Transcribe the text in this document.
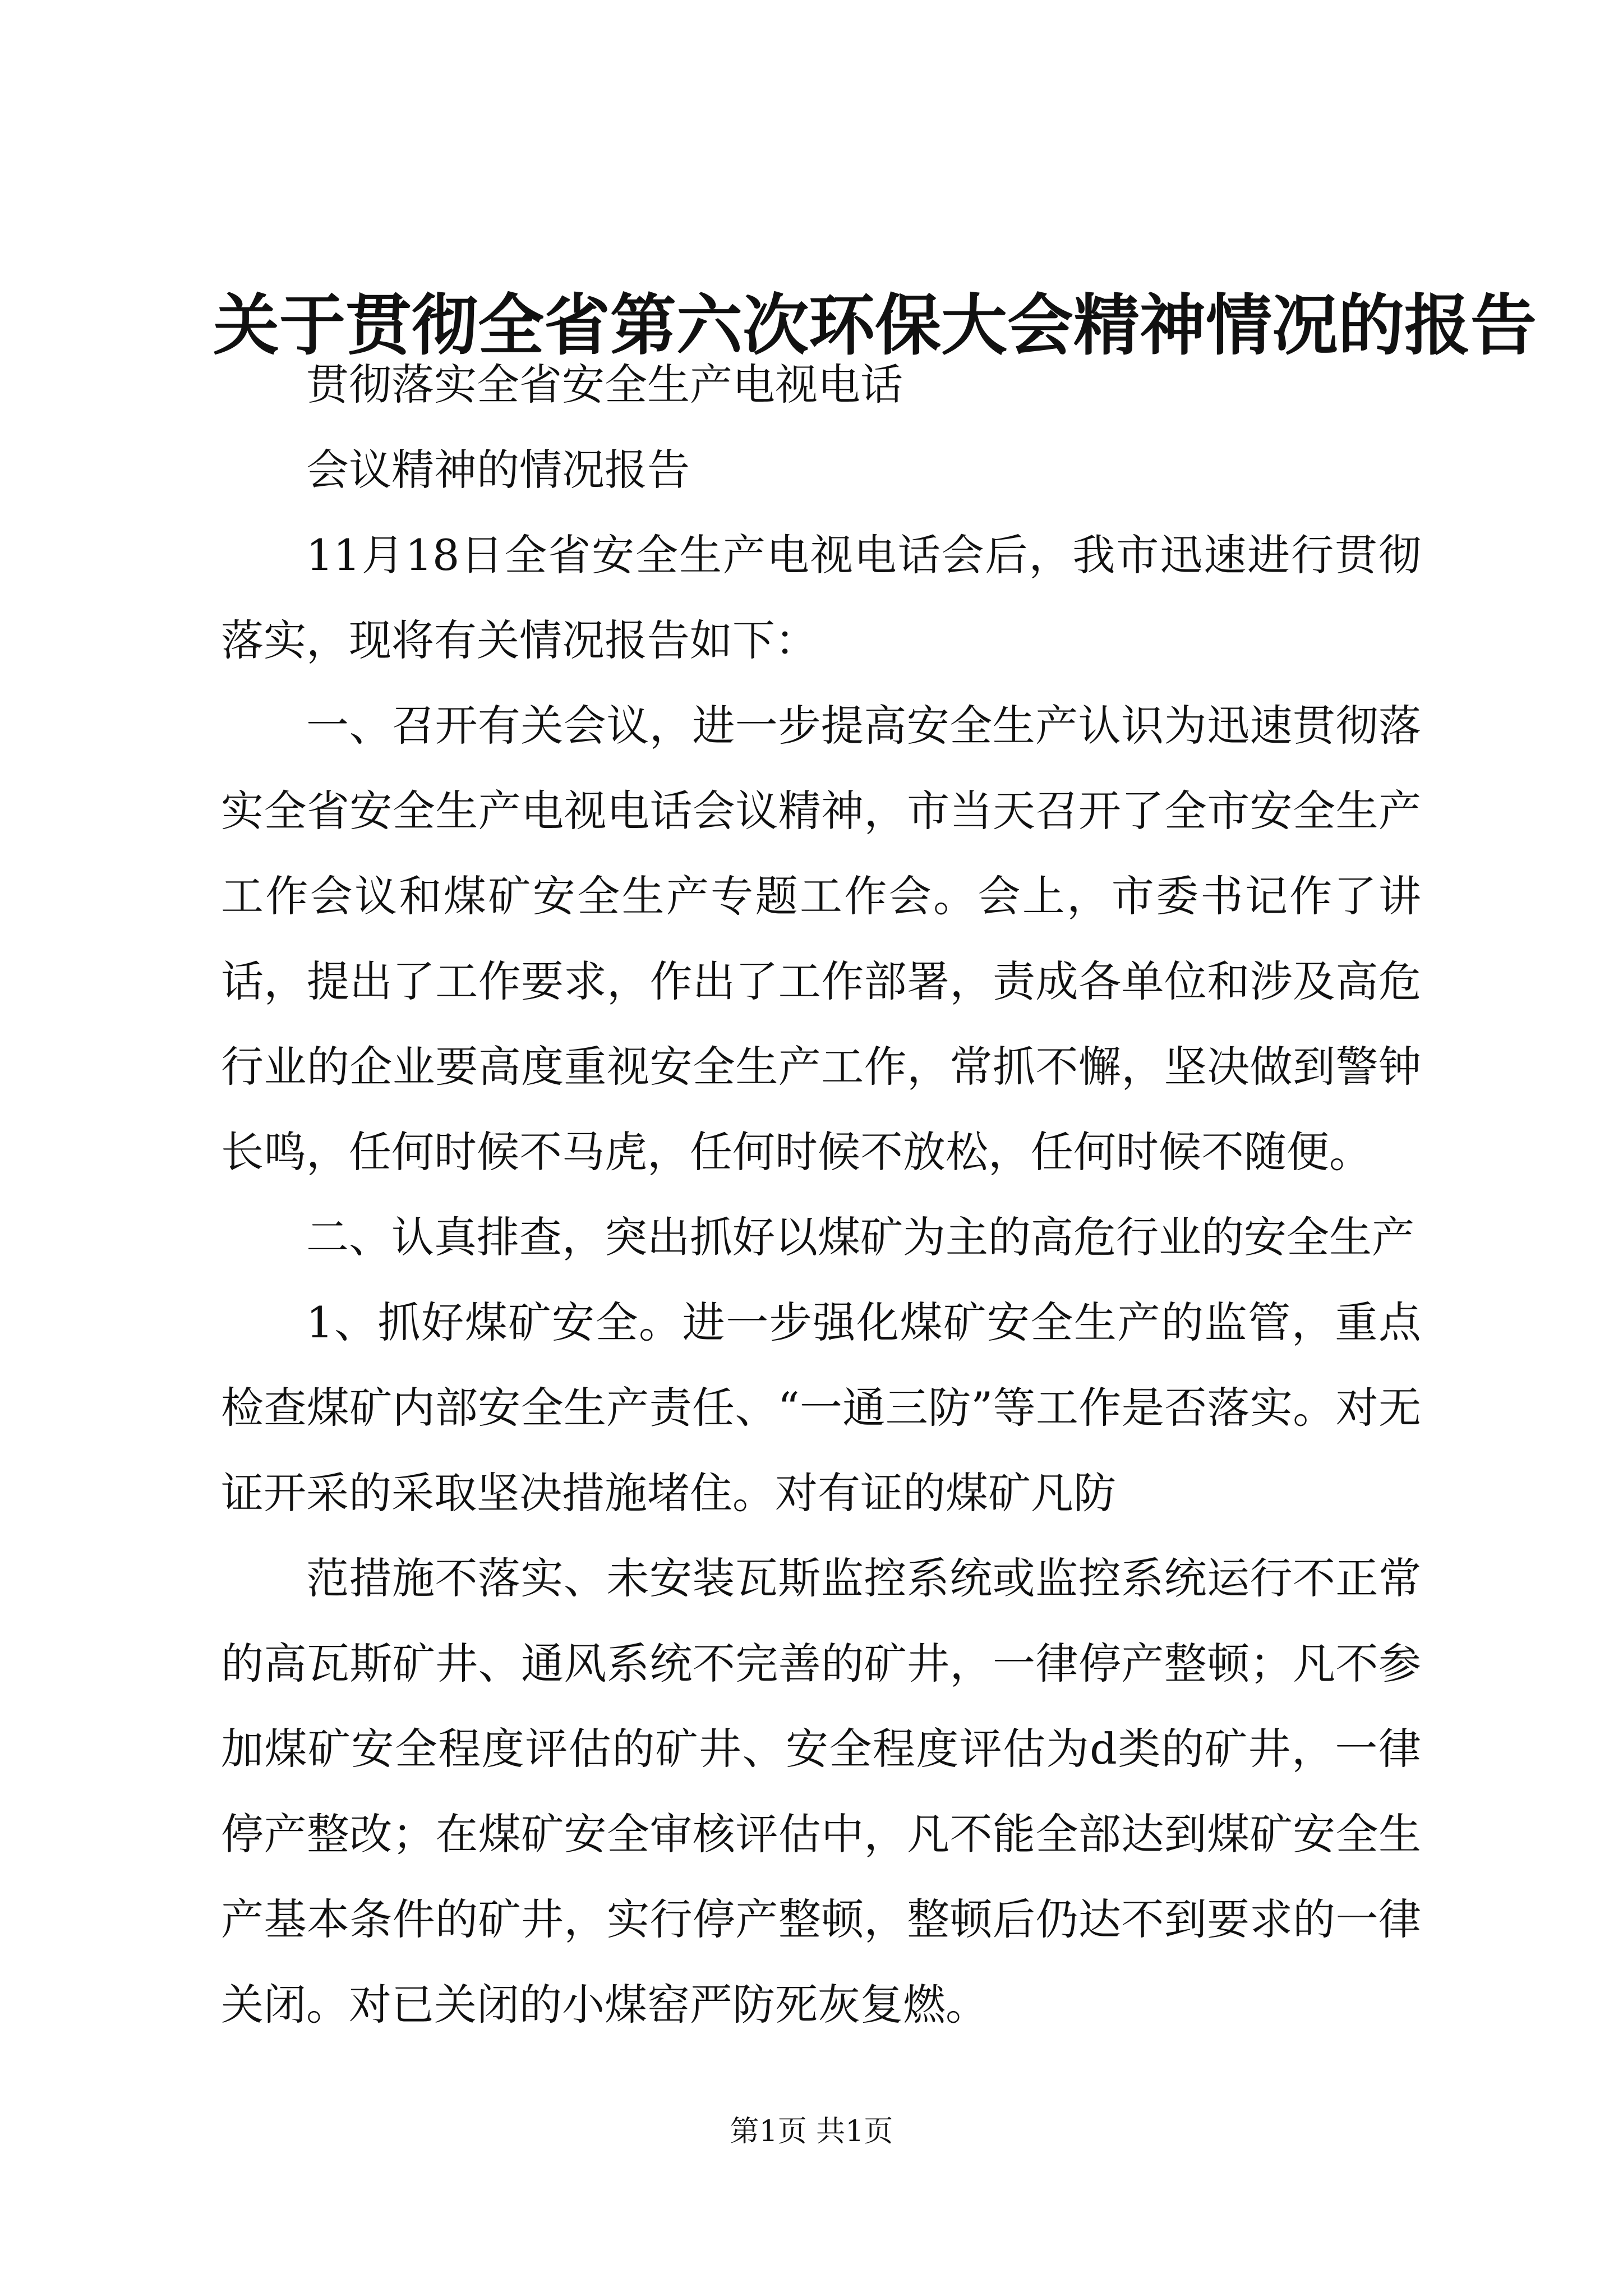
关于贯彻全省第六次环保大会精神情况的报告

贯彻落实全省安全生产电视电话

会议精神的情况报告

11月18日全省安全生产电视电话会后，我市迅速进行贯彻落实，现将有关情况报告如下：

一、召开有关会议，进一步提高安全生产认识为迅速贯彻落实全省安全生产电视电话会议精神，市当天召开了全市安全生产工作会议和煤矿安全生产专题工作会。会上，市委书记作了讲话，提出了工作要求，作出了工作部署，责成各单位和涉及高危行业的企业要高度重视安全生产工作，常抓不懈，坚决做到警钟长鸣，任何时候不马虎，任何时候不放松，任何时候不随便。

二、认真排查，突出抓好以煤矿为主的高危行业的安全生产

1、抓好煤矿安全。进一步强化煤矿安全生产的监管，重点检查煤矿内部安全生产责任、“一通三防”等工作是否落实。对无证开采的采取坚决措施堵住。对有证的煤矿凡防

范措施不落实、未安装瓦斯监控系统或监控系统运行不正常的高瓦斯矿井、通风系统不完善的矿井，一律停产整顿；凡不参加煤矿安全程度评估的矿井、安全程度评估为d类的矿井，一律停产整改；在煤矿安全审核评估中，凡不能全部达到煤矿安全生产基本条件的矿井，实行停产整顿，整顿后仍达不到要求的一律关闭。对已关闭的小煤窑严防死灰复燃。

第1页 共1页
